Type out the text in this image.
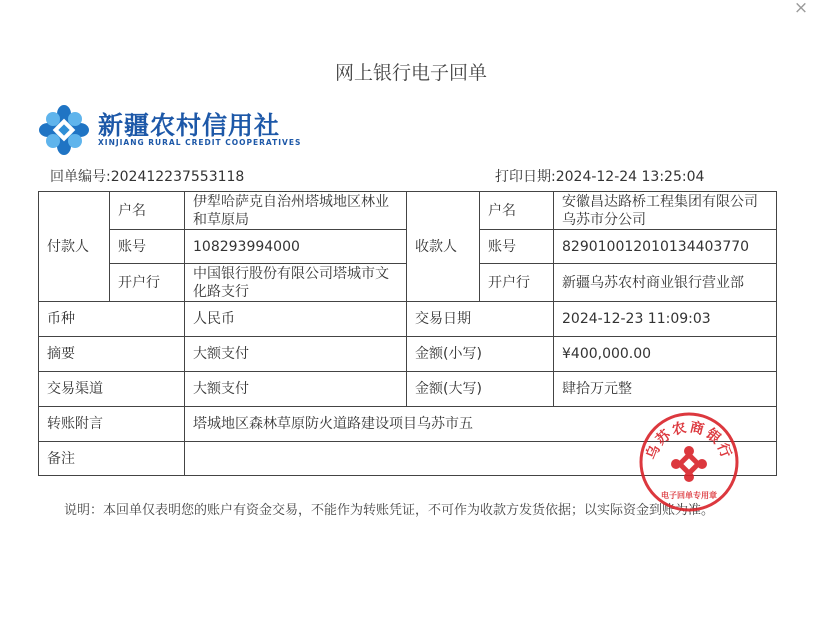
×
网上银行电子回单
新疆农村信用社
XINJIANG RURAL CREDIT COOPERATIVES
回单编号:202412237553118	打印日期:2024-12-24 13:25:04
付款人	户名	伊犁哈萨克自治州塔城地区林业和草原局	收款人	户名	安徽昌达路桥工程集团有限公司乌苏市分公司
	账号	108293994000		账号	829010012010134403770
	开户行	中国银行股份有限公司塔城市文化路支行		开户行	新疆乌苏农村商业银行营业部
币种		人民币	交易日期		2024-12-23 11:09:03
摘要		大额支付	金额(小写)		¥400,000.00
交易渠道		大额支付	金额(大写)		肆拾万元整
转账附言		塔城地区森林草原防火道路建设项目乌苏市五			
备注					
说明：本回单仅表明您的账户有资金交易，不能作为转账凭证，不可作为收款方发货依据；以实际资金到账为准。
乌苏农商银行
电子回单专用章
